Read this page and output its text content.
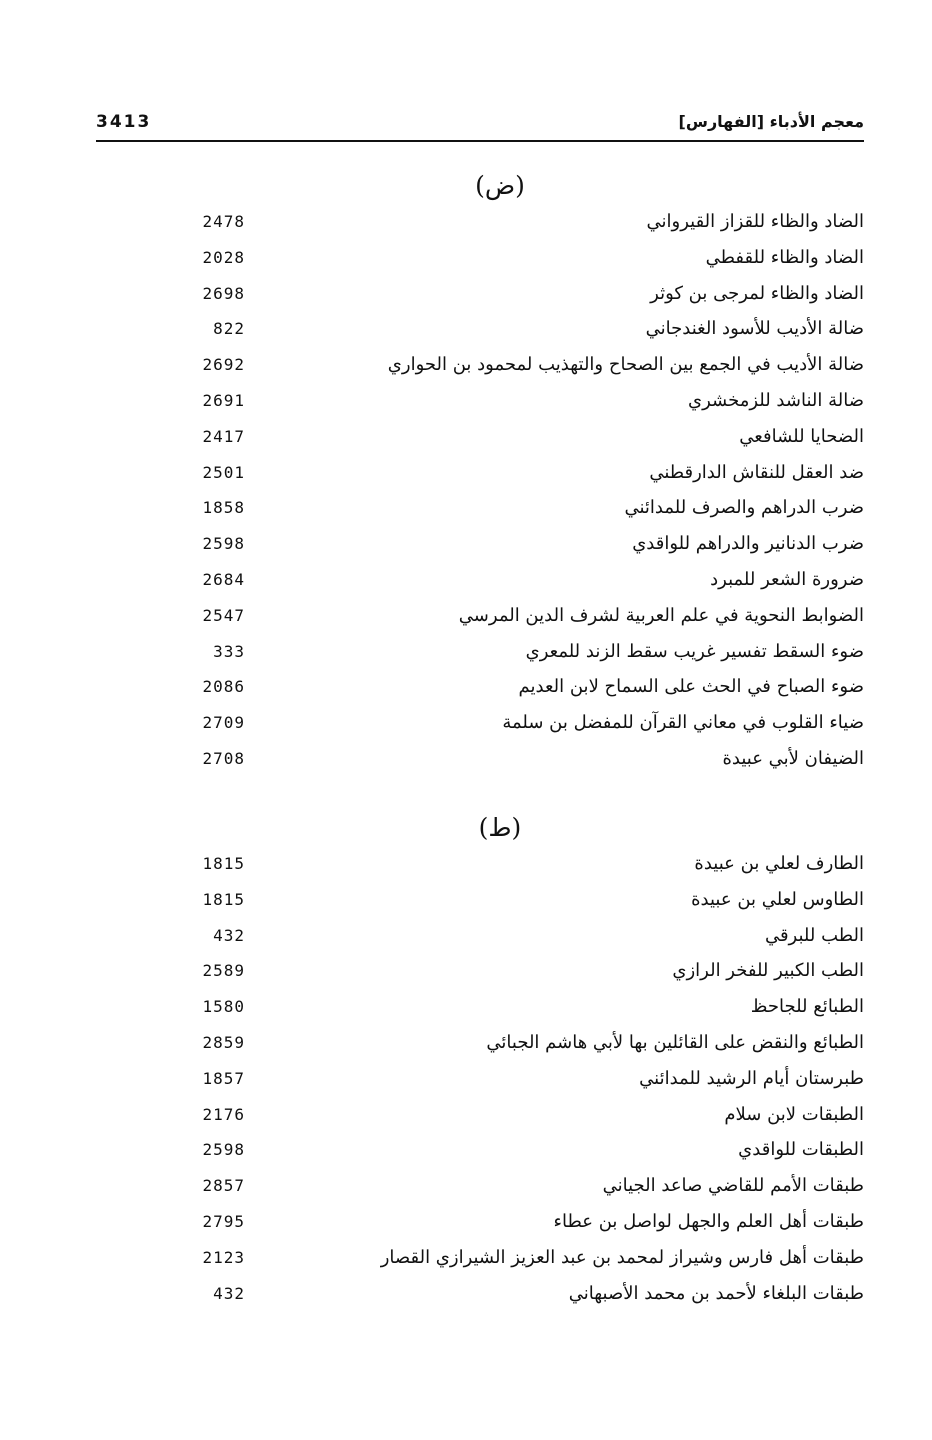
3413	معجم الأدباء [الفهارس]
(ض)
الضاد والظاء للقزاز القيرواني
2478
الضاد والظاء للقفطي
2028
الضاد والظاء لمرجى بن كوثر
2698
ضالة الأديب للأسود الغندجاني
822
ضالة الأديب في الجمع بين الصحاح والتهذيب لمحمود بن الحواري
2692
ضالة الناشد للزمخشري
2691
الضحايا للشافعي
2417
ضد العقل للنقاش الدارقطني
2501
ضرب الدراهم والصرف للمدائني
1858
ضرب الدنانير والدراهم للواقدي
2598
ضرورة الشعر للمبرد
2684
الضوابط النحوية في علم العربية لشرف الدين المرسي
2547
ضوء السقط تفسير غريب سقط الزند للمعري
333
ضوء الصباح في الحث على السماح لابن العديم
2086
ضياء القلوب في معاني القرآن للمفضل بن سلمة
2709
الضيفان لأبي عبيدة
2708
(ط)
الطارف لعلي بن عبيدة
1815
الطاوس لعلي بن عبيدة
1815
الطب للبرقي
432
الطب الكبير للفخر الرازي
2589
الطبائع للجاحظ
1580
الطبائع والنقض على القائلين بها لأبي هاشم الجبائي
2859
طبرستان أيام الرشيد للمدائني
1857
الطبقات لابن سلام
2176
الطبقات للواقدي
2598
طبقات الأمم للقاضي صاعد الجياني
2857
طبقات أهل العلم والجهل لواصل بن عطاء
2795
طبقات أهل فارس وشيراز لمحمد بن عبد العزيز الشيرازي القصار
2123
طبقات البلغاء لأحمد بن محمد الأصبهاني
432
